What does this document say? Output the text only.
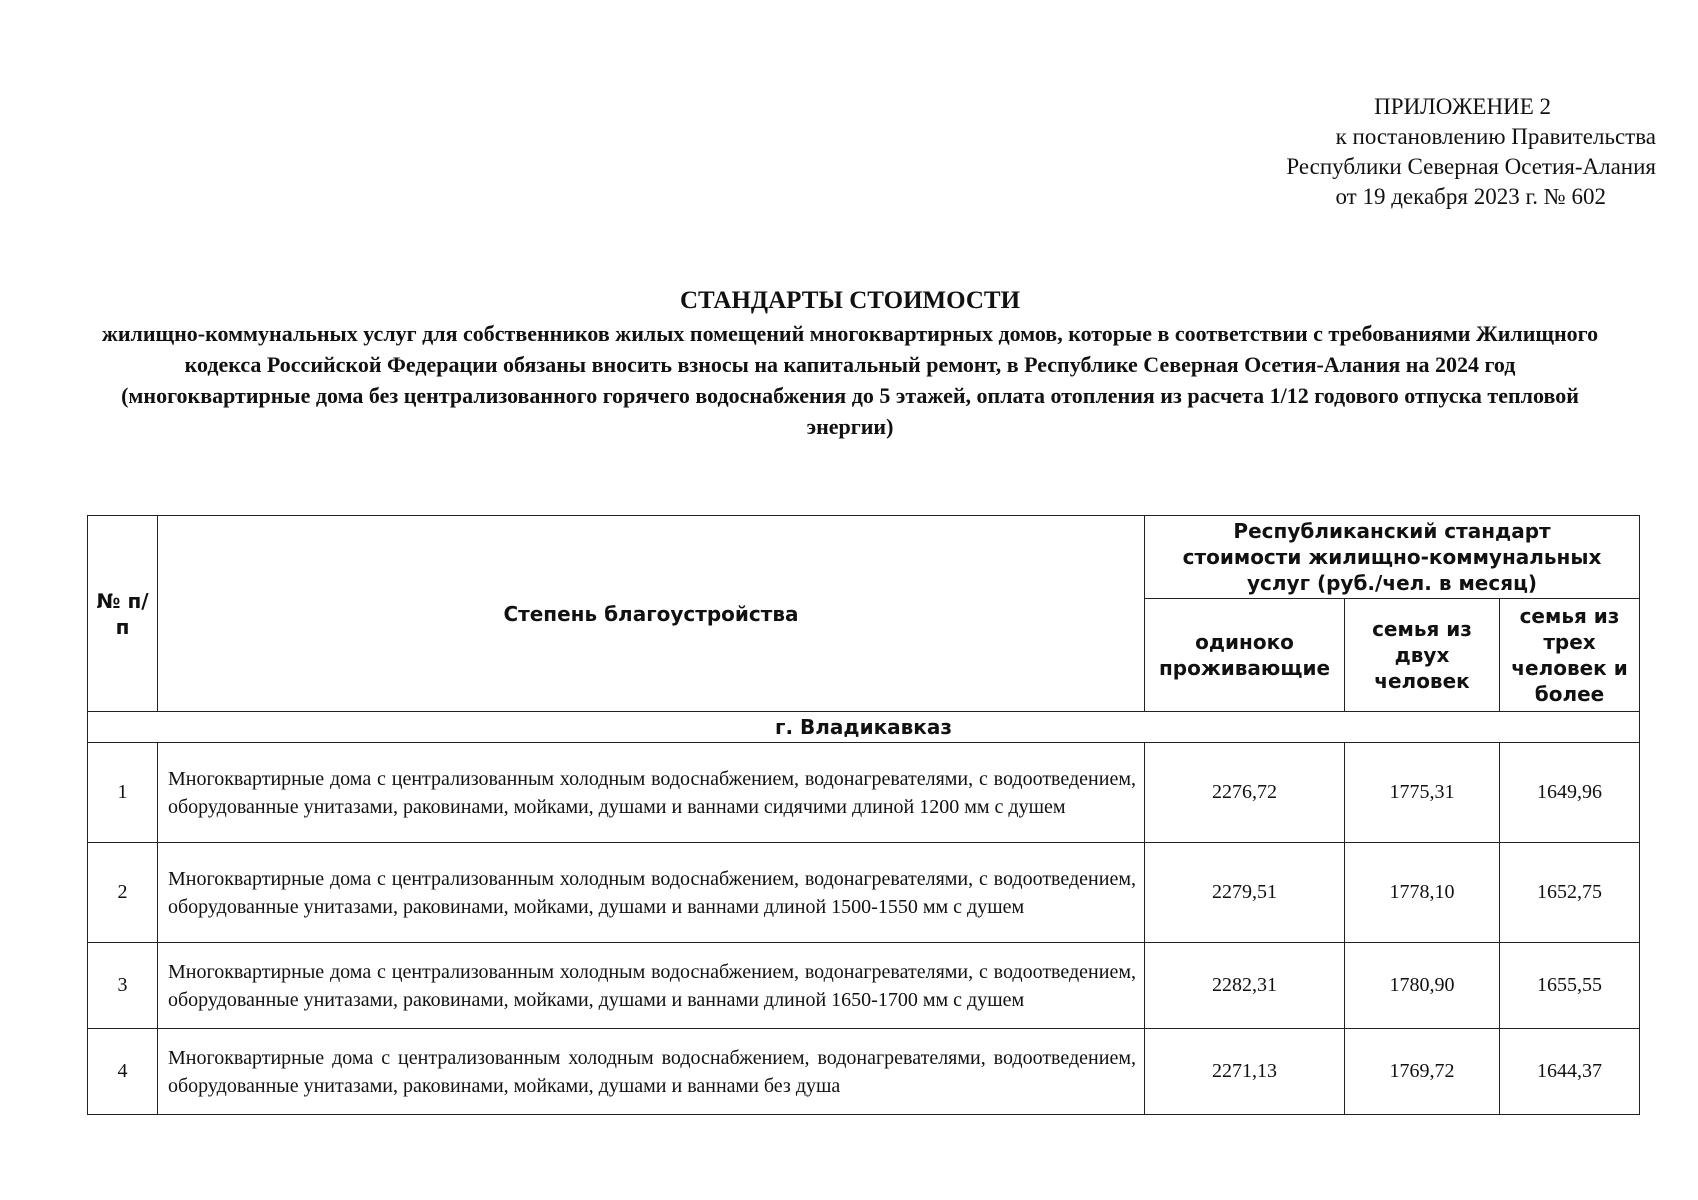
ПРИЛОЖЕНИЕ 2
к постановлению Правительства
Республики Северная Осетия-Алания
от 19 декабря 2023 г. № 602
СТАНДАРТЫ СТОИМОСТИ
жилищно-коммунальных услуг для собственников жилых помещений многоквартирных домов, которые в соответствии с требованиями Жилищного кодекса Российской Федерации обязаны вносить взносы на капитальный ремонт, в Республике Северная Осетия-Алания на 2024 год
(многоквартирные дома без централизованного горячего водоснабжения до 5 этажей, оплата отопления из расчета 1/12 годового отпуска тепловой энергии)
№ п/п	Степень благоустройства	Республиканский стандарт стоимости жилищно-коммунальных услуг (руб./чел. в месяц)		
		одиноко проживающие	семья из двух человек	семья из трех человек и более
г. Владикавказ				
1	Многоквартирные дома с централизованным холодным водоснабжением, водонагревателями, с водоотведением, оборудованные унитазами, раковинами, мойками, душами и ваннами сидячими длиной 1200 мм с душем	2276,72	1775,31	1649,96
2	Многоквартирные дома с централизованным холодным водоснабжением, водонагревателями, с водоотведением, оборудованные унитазами, раковинами, мойками, душами и ваннами длиной 1500-1550 мм с душем	2279,51	1778,10	1652,75
3	Многоквартирные дома с централизованным холодным водоснабжением, водонагревателями, с водоотведением, оборудованные унитазами, раковинами, мойками, душами и ваннами длиной 1650-1700 мм с душем	2282,31	1780,90	1655,55
4	Многоквартирные дома с централизованным холодным водоснабжением, водонагревателями, водоотведением, оборудованные унитазами, раковинами, мойками, душами и ваннами без душа	2271,13	1769,72	1644,37
